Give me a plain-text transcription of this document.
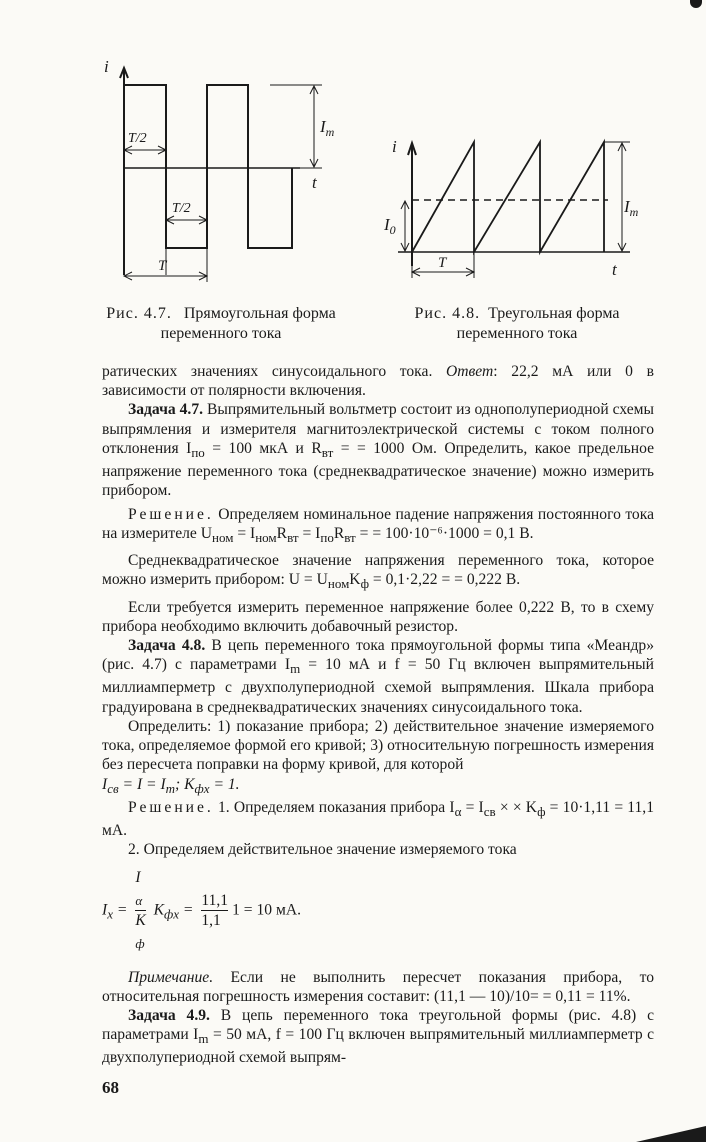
i
$I_m$
t
T/2
T/2
T
Рис. 4.7. Прямоугольная форма переменного тока
i
$I_m$
$I_0$
t
T
Рис. 4.8. Треугольная форма переменного тока

ратических значениях синусоидального тока. Ответ: 22,2 мА или 0 в зависимости от полярности включения.

Задача 4.7. Выпрямительный вольтметр состоит из однополупериодной схемы выпрямления и измерителя магнитоэлектрической системы с током полного отклонения $I_{по} = 100$ мкА и $R_{вт}$ = = 1000 Ом. Определить, какое предельное напряжение переменного тока (среднеквадратическое значение) можно измерить прибором.

Решение. Определяем номинальное падение напряжения постоянного тока на измерителе $U_{ном} = I_{ном}R_{вт} = I_{по}R_{вт}$ = = 100·10⁻⁶·1000 = 0,1 В.

Среднеквадратическое значение напряжения переменного тока, которое можно измерить прибором: $U = U_{ном}K_ф = 0,1\cdot 2,22$ = = 0,222 В.

Если требуется измерить переменное напряжение более 0,222 В, то в схему прибора необходимо включить добавочный резистор.

Задача 4.8. В цепь переменного тока прямоугольной формы типа «Меандр» (рис. 4.7) с параметрами $I_m = 10$ мА и f = 50 Гц включен выпрямительный миллиамперметр с двухполупериодной схемой выпрямления. Шкала прибора градуирована в среднеквадратических значениях синусоидального тока.

Определить: 1) показание прибора; 2) действительное значение измеряемого тока, определяемое формой его кривой; 3) относительную погрешность измерения без пересчета поправки на форму кривой, для которой

$I_{св} = I = I_m$; $K_{фх} = 1$.

Решение. 1. Определяем показания прибора $I_\alpha = I_{св}$ × × $K_ф = 10\cdot 1,11 = 11,1$ мА.

2. Определяем действительное значение измеряемого тока

$I_x = I$
$_\alpha$
K
$_ф$ $K_{фх} = \frac{11,1}{1,1} 1 = 10$ мА.

Примечание. Если не выполнить пересчет показания прибора, то относительная погрешность измерения составит: (11,1 — 10)/10= = 0,11 = 11%.

Задача 4.9. В цепь переменного тока треугольной формы (рис. 4.8) с параметрами $I_m = 50$ мА, f = 100 Гц включен выпрямительный миллиамперметр с двухполупериодной схемой выпрям-

68
